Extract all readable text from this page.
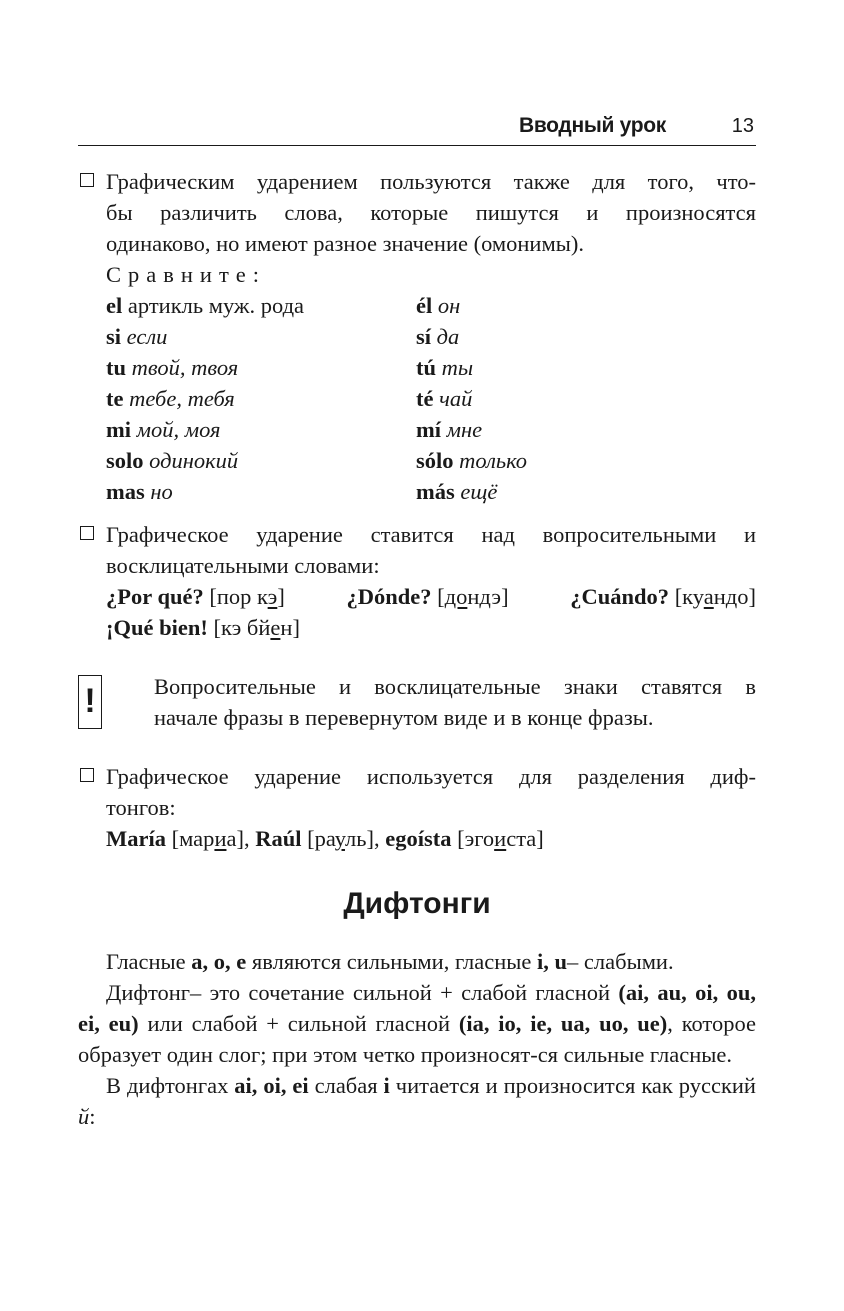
Вводный урок	13
Графическим ударением пользуются также для того, что-
бы различить слова, которые пишутся и произносятся
одинаково, но имеют разное значение (омонимы).
Сравните:
el артикль муж. рода	él он
si если	sí да
tu твой, твоя	tú ты
te тебе, тебя	té чай
mi мой, моя	mí мне
solo одинокий	sólo только
mas но	más ещё
Графическое ударение ставится над вопросительными и
восклицательными словами:
¿Por qué? [пор кэ]	¿Dónde? [дондэ]	¿Cuándo? [куандо]
¡Qué bien! [кэ бйен]
!	Вопросительные и восклицательные знаки ставятся в
начале фразы в перевернутом виде и в конце фразы.
Графическое ударение используется для разделения диф-
тонгов:
María [мариа], Raúl [рауль], egoísta [эгоиста]
Дифтонги

Гласные a, o, e являются сильными, гласные i, u– слабыми.

Дифтонг– это сочетание сильной + слабой гласной (ai, au, oi, ou, ei, eu) или слабой + сильной гласной (ia, io, ie, ua, uo, ue), которое образует один слог; при этом четко произносят-ся сильные гласные.

В дифтонгах ai, oi, ei слабая i читается и произносится как русский й:
